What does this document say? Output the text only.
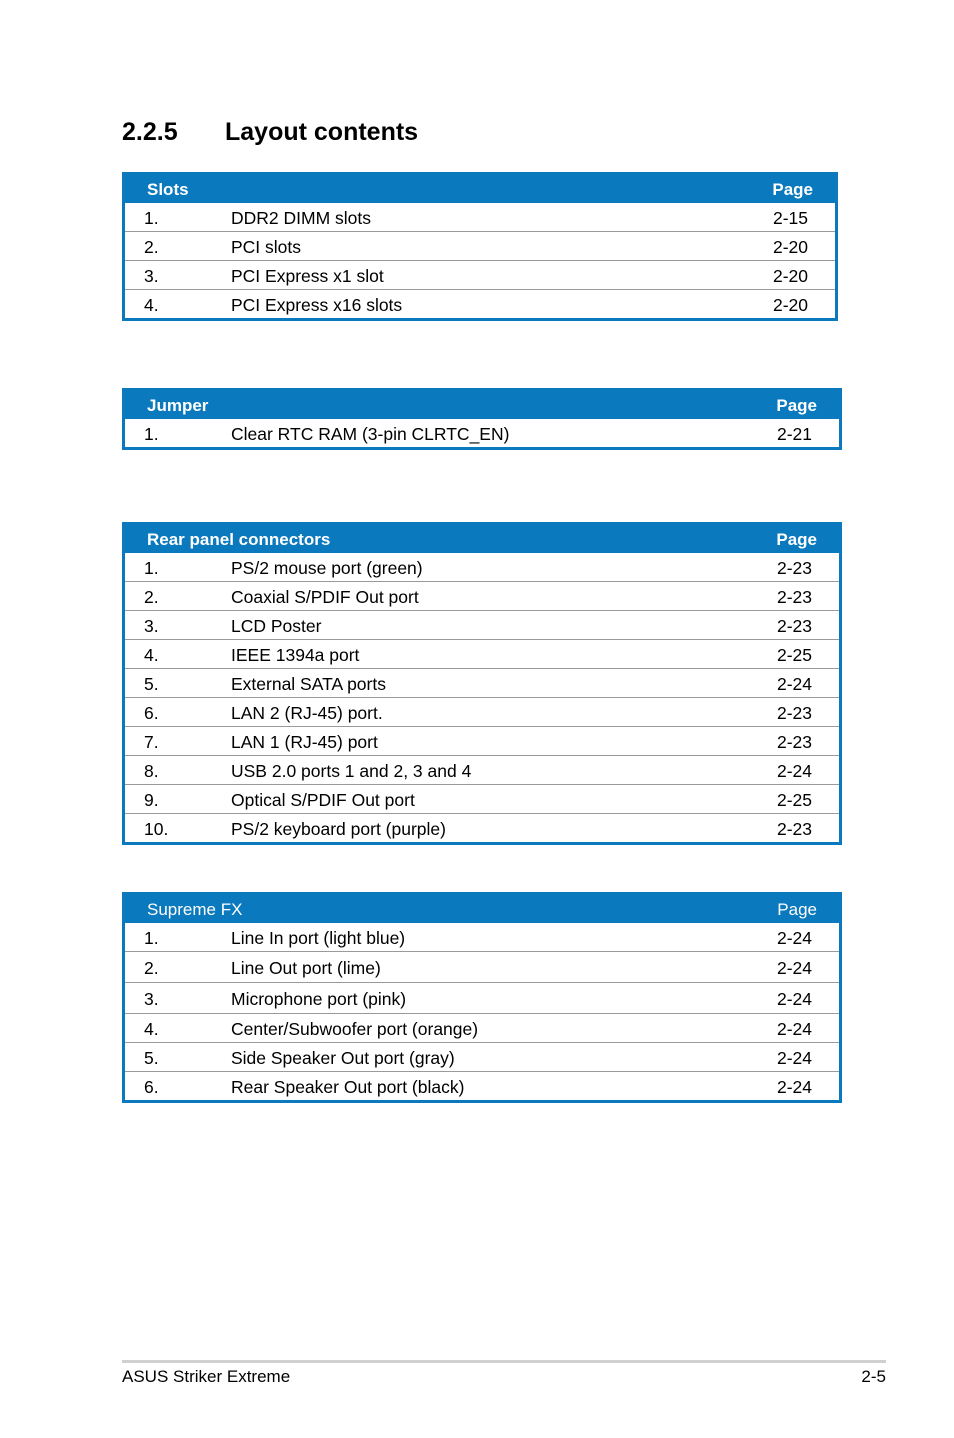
2.2.5 Layout contents
Slots	Page
1.	DDR2 DIMM slots	2-15
2.	PCI slots	2-20
3.	PCI Express x1 slot	2-20
4.	PCI Express x16 slots	2-20
Jumper	Page
1.	Clear RTC RAM (3-pin CLRTC_EN)	2-21
Rear panel connectors	Page
1.	PS/2 mouse port (green)	2-23
2.	Coaxial S/PDIF Out port	2-23
3.	LCD Poster	2-23
4.	IEEE 1394a port	2-25
5.	External SATA ports	2-24
6.	LAN 2 (RJ-45) port.	2-23
7.	LAN 1 (RJ-45) port	2-23
8.	USB 2.0 ports 1 and 2, 3 and 4	2-24
9.	Optical S/PDIF Out port	2-25
10.	PS/2 keyboard port (purple)	2-23
Supreme FX	Page
1.	Line In port (light blue)	2-24
2.	Line Out port (lime)	2-24
3.	Microphone port (pink)	2-24
4.	Center/Subwoofer port (orange)	2-24
5.	Side Speaker Out port (gray)	2-24
6.	Rear Speaker Out port (black)	2-24
ASUS Striker Extreme	2-5
